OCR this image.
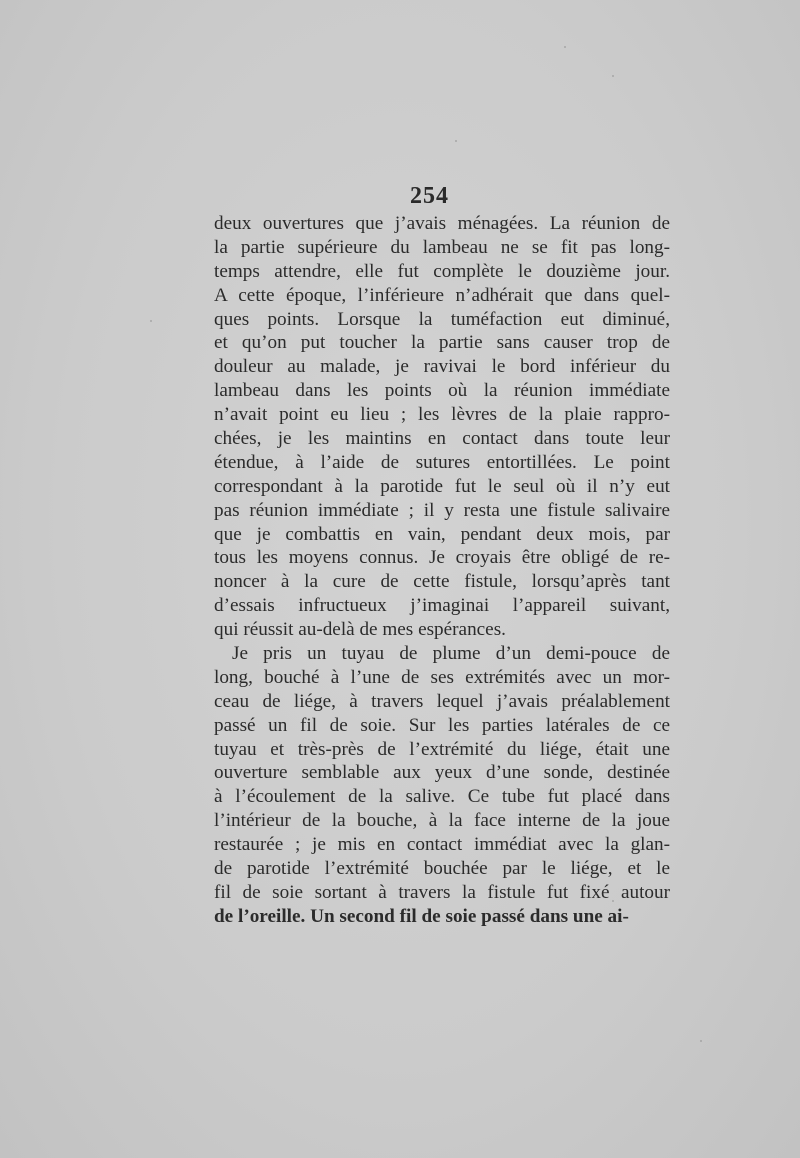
254
deux ouvertures que j’avais ménagées. La réunion de
la partie supérieure du lambeau ne se fit pas long-
temps attendre, elle fut complète le douzième jour.
A cette époque, l’inférieure n’adhérait que dans quel-
ques points. Lorsque la tuméfaction eut diminué,
et qu’on put toucher la partie sans causer trop de
douleur au malade, je ravivai le bord inférieur du
lambeau dans les points où la réunion immédiate
n’avait point eu lieu ; les lèvres de la plaie rappro-
chées, je les maintins en contact dans toute leur
étendue, à l’aide de sutures entortillées. Le point
correspondant à la parotide fut le seul où il n’y eut
pas réunion immédiate ; il y resta une fistule salivaire
que je combattis en vain, pendant deux mois, par
tous les moyens connus. Je croyais être obligé de re-
noncer à la cure de cette fistule, lorsqu’après tant
d’essais infructueux j’imaginai l’appareil suivant,
qui réussit au-delà de mes espérances.
Je pris un tuyau de plume d’un demi-pouce de
long, bouché à l’une de ses extrémités avec un mor-
ceau de liége, à travers lequel j’avais préalablement
passé un fil de soie. Sur les parties latérales de ce
tuyau et très-près de l’extrémité du liége, était une
ouverture semblable aux yeux d’une sonde, destinée
à l’écoulement de la salive. Ce tube fut placé dans
l’intérieur de la bouche, à la face interne de la joue
restaurée ; je mis en contact immédiat avec la glan-
de parotide l’extrémité bouchée par le liége, et le
fil de soie sortant à travers la fistule fut fixé autour
de l’oreille. Un second fil de soie passé dans une ai-
